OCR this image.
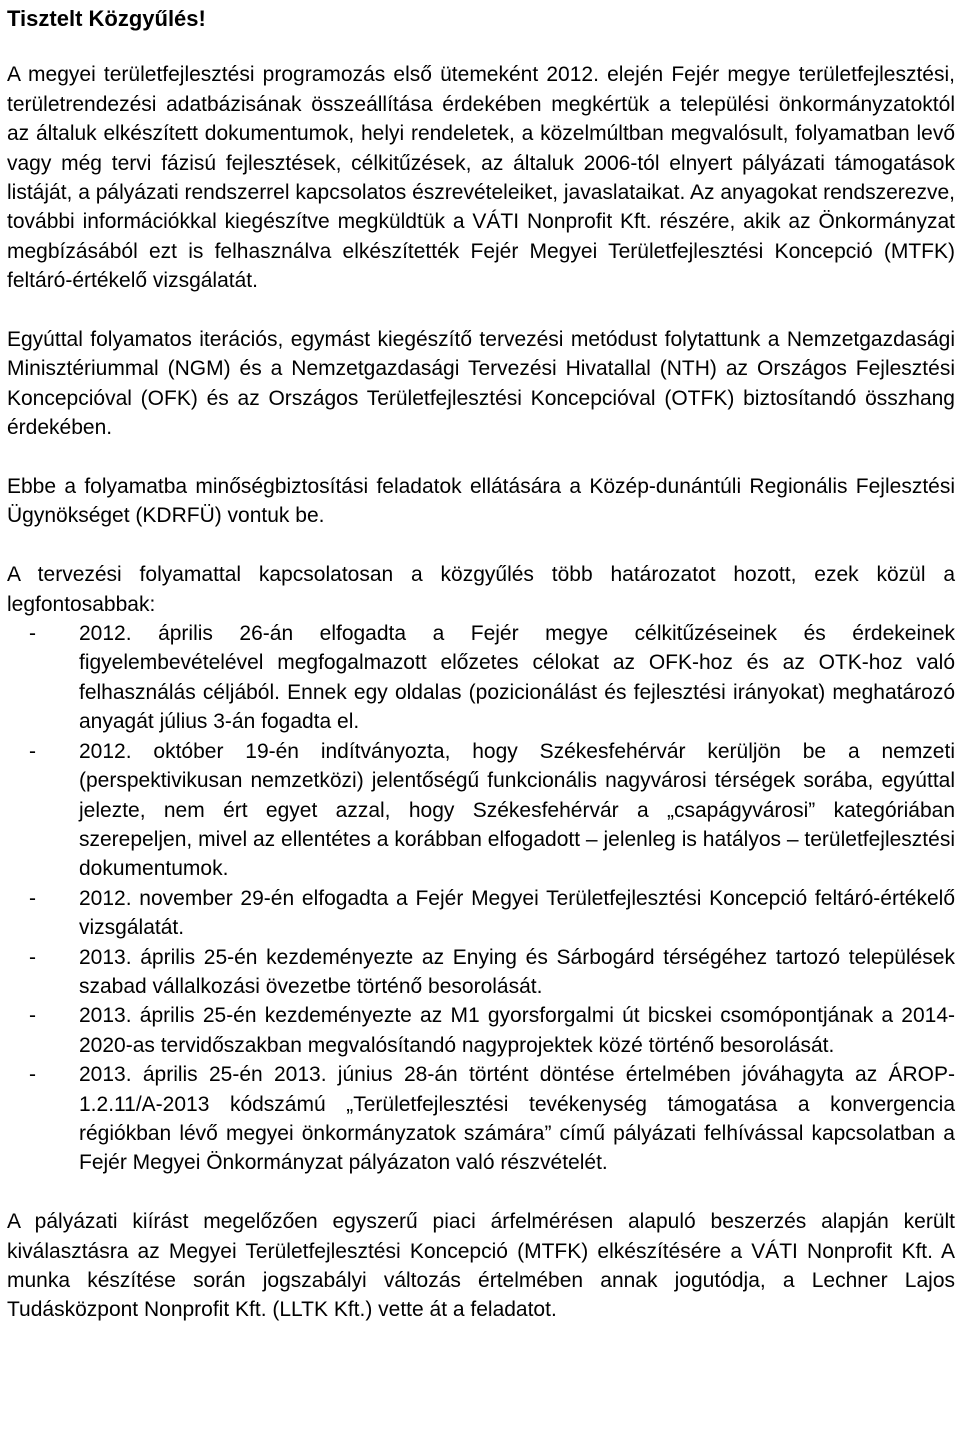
Tisztelt Közgyűlés!

A megyei területfejlesztési programozás első ütemeként 2012. elején Fejér megye területfejlesztési, területrendezési adatbázisának összeállítása érdekében megkértük a települési önkormányzatoktól az általuk elkészített dokumentumok, helyi rendeletek, a közelmúltban megvalósult, folyamatban levő vagy még tervi fázisú fejlesztések, célkitűzések, az általuk 2006-tól elnyert pályázati támogatások listáját, a pályázati rendszerrel kapcsolatos észrevételeiket, javaslataikat. Az anyagokat rendszerezve, további információkkal kiegészítve megküldtük a VÁTI Nonprofit Kft. részére, akik az Önkormányzat megbízásából ezt is felhasználva elkészítették Fejér Megyei Területfejlesztési Koncepció (MTFK) feltáró-értékelő vizsgálatát.

Egyúttal folyamatos iterációs, egymást kiegészítő tervezési metódust folytattunk a Nemzetgazdasági Minisztériummal (NGM) és a Nemzetgazdasági Tervezési Hivatallal (NTH) az Országos Fejlesztési Koncepcióval (OFK) és az Országos Területfejlesztési Koncepcióval (OTFK) biztosítandó összhang érdekében.

Ebbe a folyamatba minőségbiztosítási feladatok ellátására a Közép-dunántúli Regionális Fejlesztési Ügynökséget (KDRFÜ) vontuk be.

A tervezési folyamattal kapcsolatosan a közgyűlés több határozatot hozott, ezek közül a legfontosabbak:

- 2012. április 26-án elfogadta a Fejér megye célkitűzéseinek és érdekeinek figyelembevételével megfogalmazott előzetes célokat az OFK-hoz és az OTK-hoz való felhasználás céljából. Ennek egy oldalas (pozicionálást és fejlesztési irányokat) meghatározó anyagát július 3-án fogadta el.
- 2012. október 19-én indítványozta, hogy Székesfehérvár kerüljön be a nemzeti (perspektivikusan nemzetközi) jelentőségű funkcionális nagyvárosi térségek sorába, egyúttal jelezte, nem ért egyet azzal, hogy Székesfehérvár a „csapágyvárosi” kategóriában szerepeljen, mivel az ellentétes a korábban elfogadott – jelenleg is hatályos – területfejlesztési dokumentumok.
- 2012. november 29-én elfogadta a Fejér Megyei Területfejlesztési Koncepció feltáró-értékelő vizsgálatát.
- 2013. április 25-én kezdeményezte az Enying és Sárbogárd térségéhez tartozó települések szabad vállalkozási övezetbe történő besorolását.
- 2013. április 25-én kezdeményezte az M1 gyorsforgalmi út bicskei csomópontjának a 2014-2020-as tervidőszakban megvalósítandó nagyprojektek közé történő besorolását.
- 2013. április 25-én 2013. június 28-án történt döntése értelmében jóváhagyta az ÁROP-1.2.11/A-2013 kódszámú „Területfejlesztési tevékenység támogatása a konvergencia régiókban lévő megyei önkormányzatok számára” című pályázati felhívással kapcsolatban a Fejér Megyei Önkormányzat pályázaton való részvételét.

A pályázati kiírást megelőzően egyszerű piaci árfelmérésen alapuló beszerzés alapján került kiválasztásra az Megyei Területfejlesztési Koncepció (MTFK) elkészítésére a VÁTI Nonprofit Kft. A munka készítése során jogszabályi változás értelmében annak jogutódja, a Lechner Lajos Tudásközpont Nonprofit Kft. (LLTK Kft.) vette át a feladatot.
